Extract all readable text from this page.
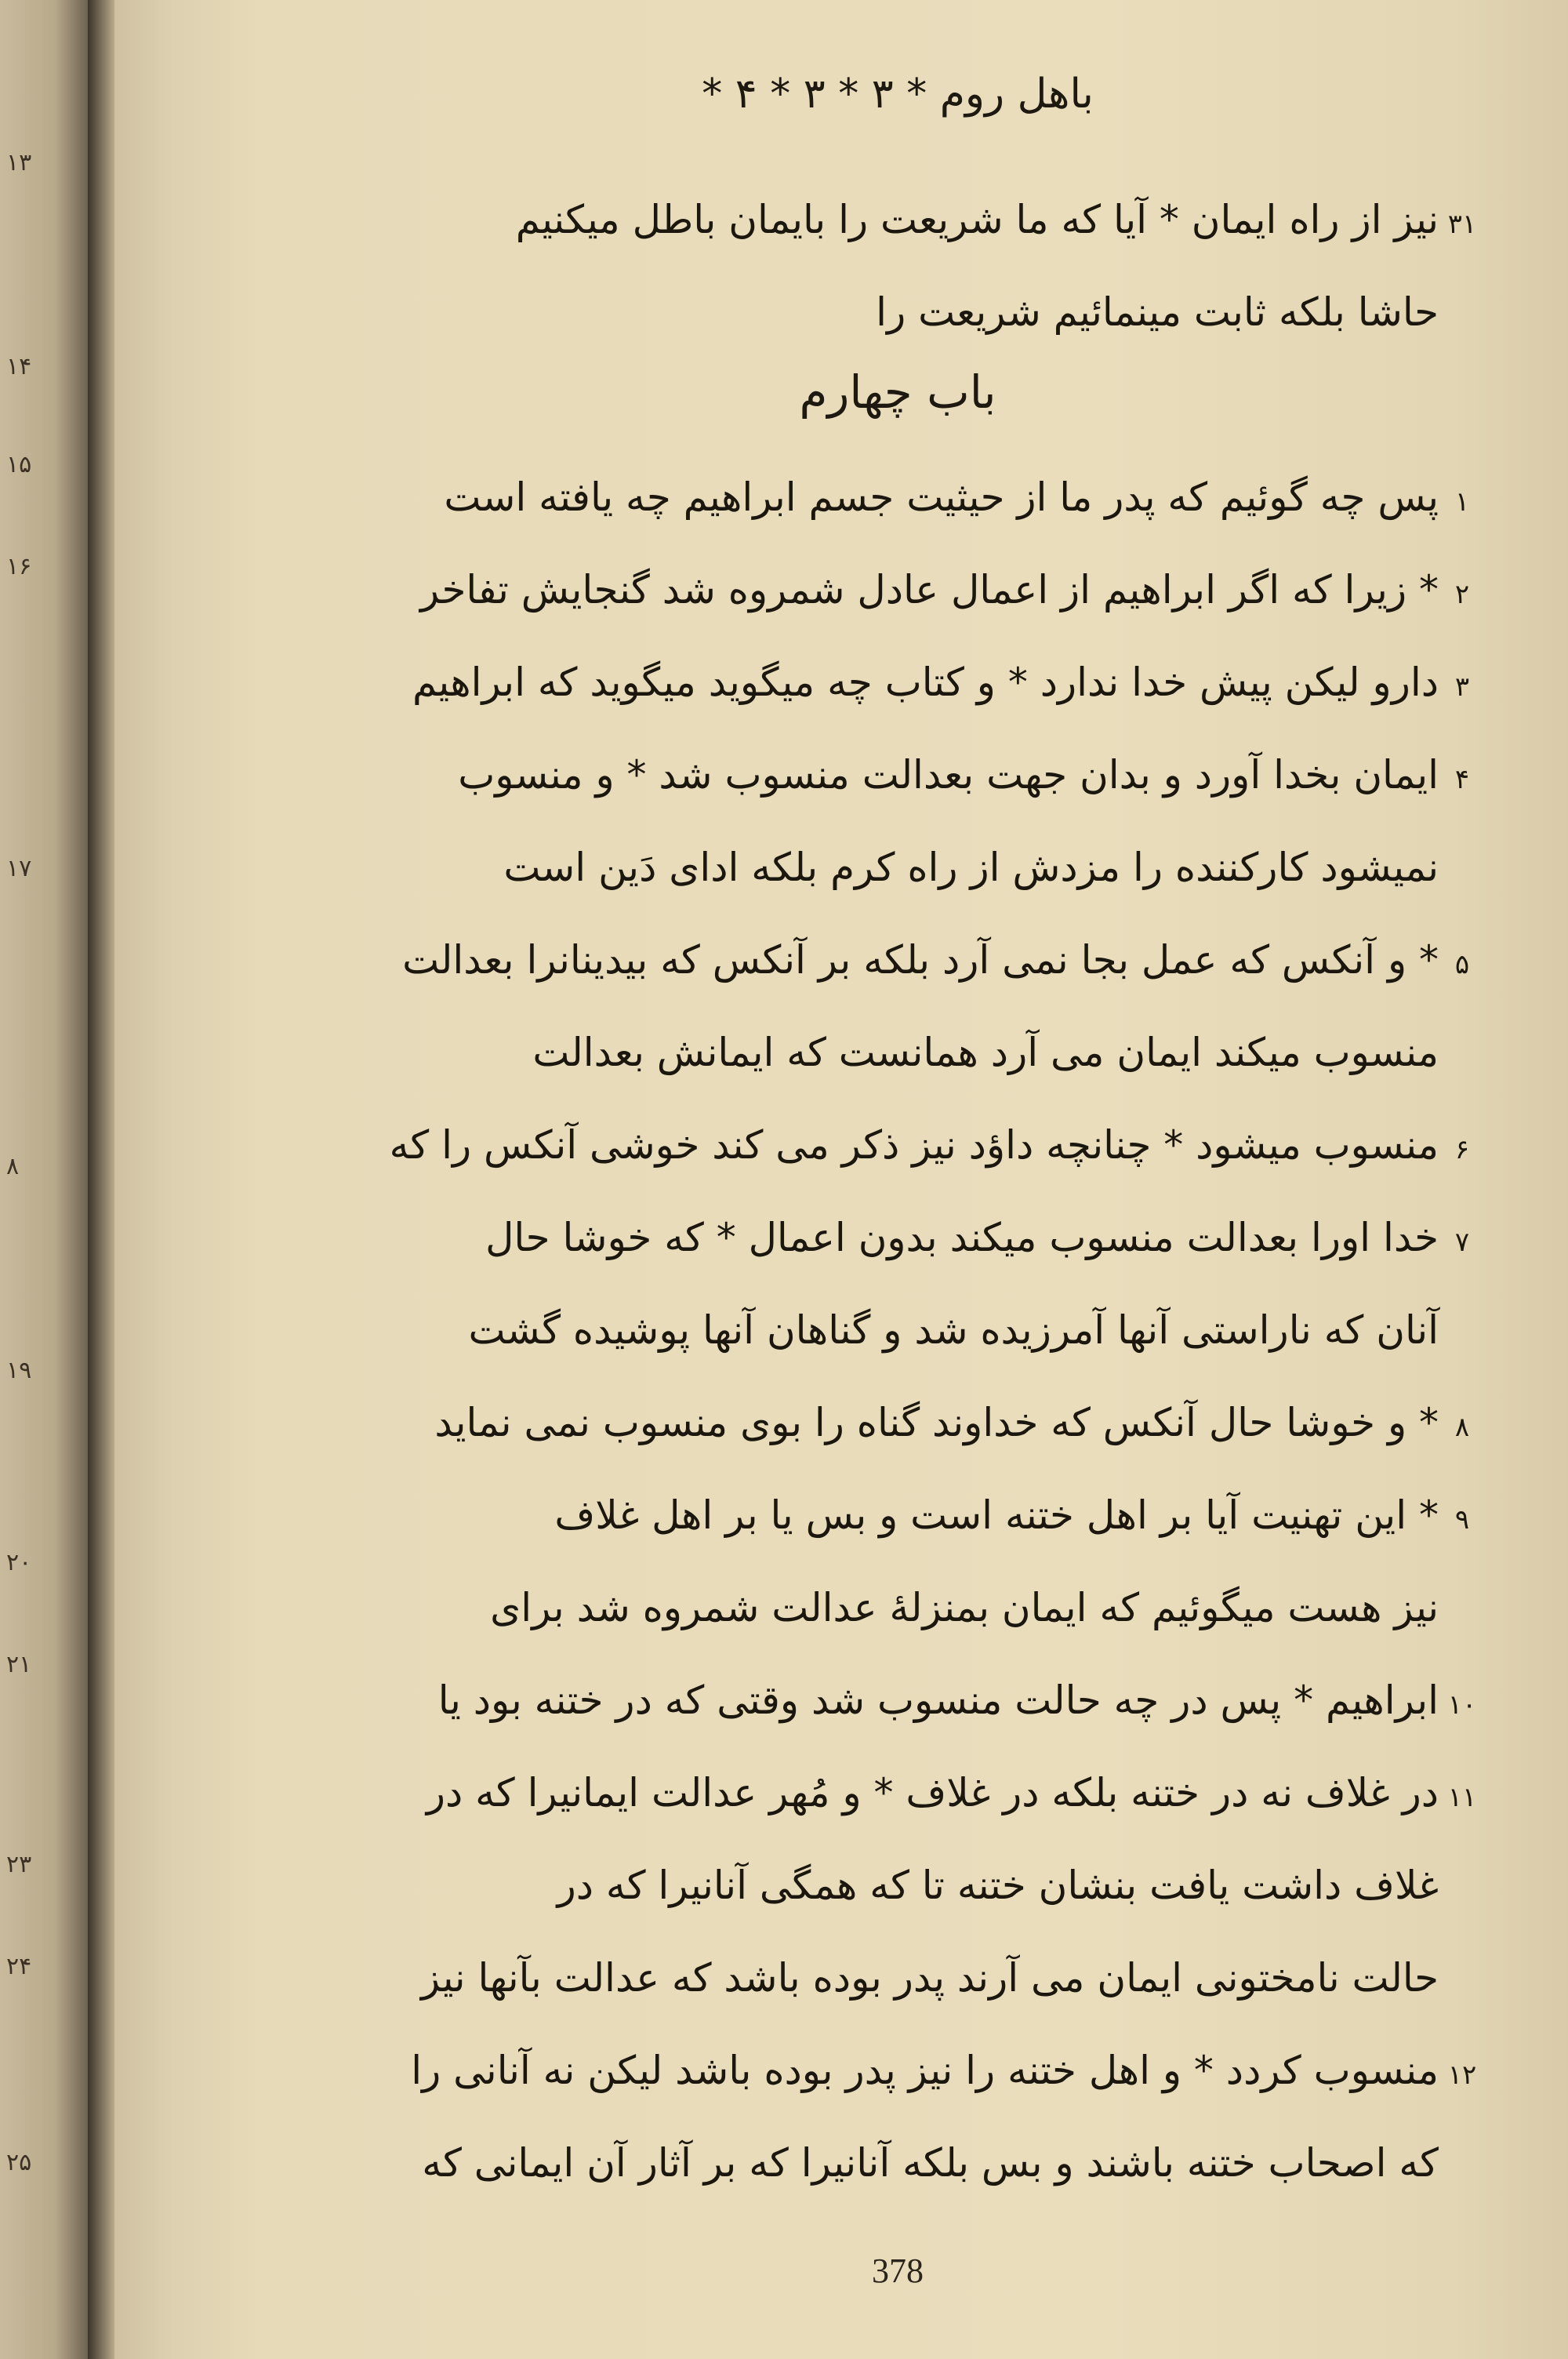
۱۳
۱۴
۱۵
۱۶
۱۷
۸
۱۹
۲۰
۲۱
۲۳
۲۴
۲۵
باهل روم * ۳ * ۳ * ۴ *
۳۱نیز از راه ایمان * آیا که ما شریعت را بایمان باطل میکنیم
حاشا بلکه ثابت مینمائیم شریعت را
باب چهارم
۱پس چه گوئیم که پدر ما از حیثیت جسم ابراهیم چه یافته است
۲* زیرا که اگر ابراهیم از اعمال عادل شمروه شد گنجایش تفاخر
۳دارو لیکن پیش خدا ندارد * و کتاب چه میگوید میگوید که ابراهیم
۴ایمان بخدا آورد و بدان جهت بعدالت منسوب شد * و منسوب
نمیشود کارکننده را مزدش از راه کرم بلکه ادای دَین است
۵* و آنکس که عمل بجا نمی آرد بلکه بر آنکس که بیدینانرا بعدالت
منسوب میکند ایمان می آرد همانست که ایمانش بعدالت
۶منسوب میشود * چنانچه داؤد نیز ذکر می کند خوشی آنکس را که
۷خدا اورا بعدالت منسوب میکند بدون اعمال * که خوشا حال
آنان که ناراستی آنها آمرزیده شد و گناهان آنها پوشیده گشت
۸* و خوشا حال آنکس که خداوند گناه را بوی منسوب نمی نماید
۹* این تهنیت آیا بر اهل ختنه است و بس یا بر اهل غلاف
نیز هست میگوئیم که ایمان بمنزلهٔ عدالت شمروه شد برای
۱۰ابراهیم * پس در چه حالت منسوب شد وقتی که در ختنه بود یا
۱۱در غلاف نه در ختنه بلکه در غلاف * و مُهر عدالت ایمانیرا که در
غلاف داشت یافت بنشان ختنه تا که همگی آنانیرا که در
حالت نامختونی ایمان می آرند پدر بوده باشد که عدالت بآنها نیز
۱۲منسوب کردد * و اهل ختنه را نیز پدر بوده باشد لیکن نه آنانی را
که اصحاب ختنه باشند و بس بلکه آنانیرا که بر آثار آن ایمانی که
378
